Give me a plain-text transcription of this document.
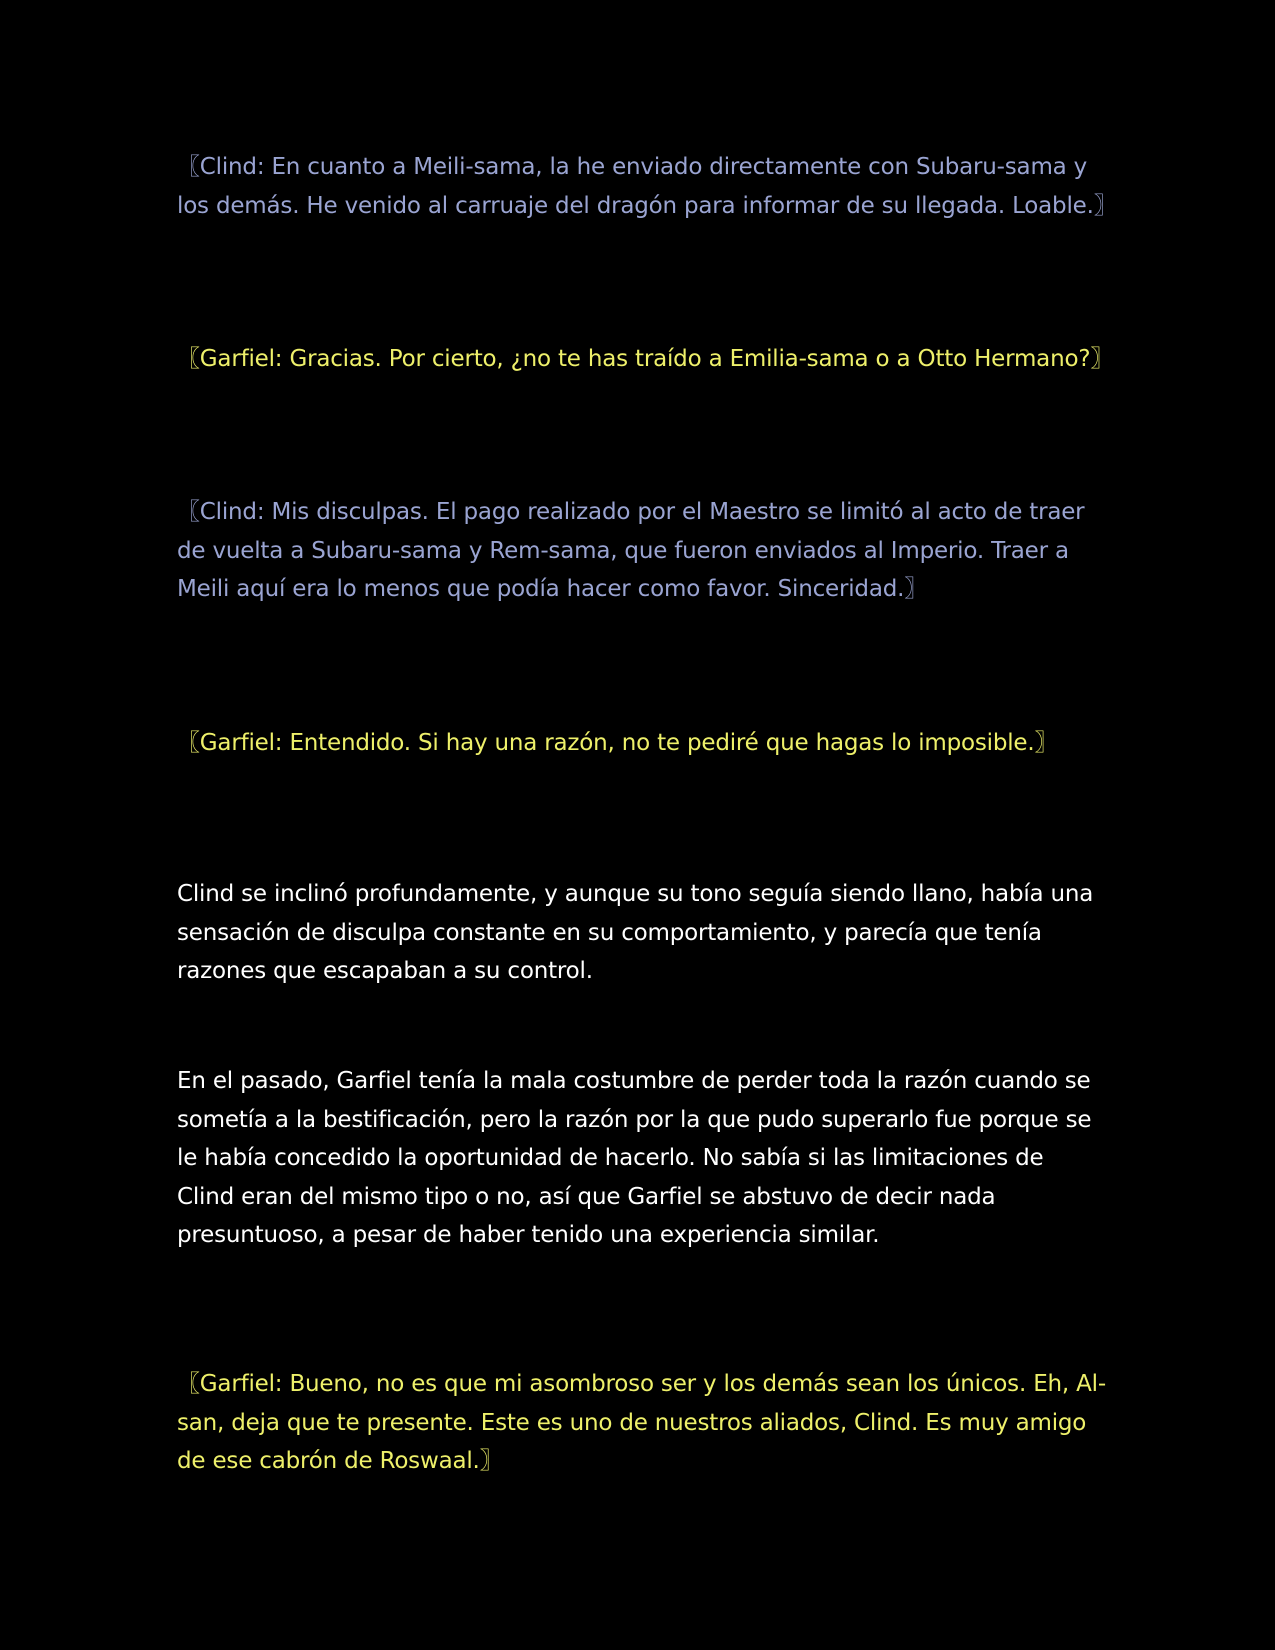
〖Clind: En cuanto a Meili-sama, la he enviado directamente con Subaru-sama y los demás. He venido al carruaje del dragón para informar de su llegada. Loable.〗

〖Garfiel: Gracias. Por cierto, ¿no te has traído a Emilia-sama o a Otto Hermano?〗

〖Clind: Mis disculpas. El pago realizado por el Maestro se limitó al acto de traer de vuelta a Subaru-sama y Rem-sama, que fueron enviados al Imperio. Traer a Meili aquí era lo menos que podía hacer como favor. Sinceridad.〗

〖Garfiel: Entendido. Si hay una razón, no te pediré que hagas lo imposible.〗

Clind se inclinó profundamente, y aunque su tono seguía siendo llano, había una sensación de disculpa constante en su comportamiento, y parecía que tenía razones que escapaban a su control.

En el pasado, Garfiel tenía la mala costumbre de perder toda la razón cuando se sometía a la bestificación, pero la razón por la que pudo superarlo fue porque se le había concedido la oportunidad de hacerlo. No sabía si las limitaciones de Clind eran del mismo tipo o no, así que Garfiel se abstuvo de decir nada presuntuoso, a pesar de haber tenido una experiencia similar.

〖Garfiel: Bueno, no es que mi asombroso ser y los demás sean los únicos. Eh, Al-san, deja que te presente. Este es uno de nuestros aliados, Clind. Es muy amigo de ese cabrón de Roswaal.〗
